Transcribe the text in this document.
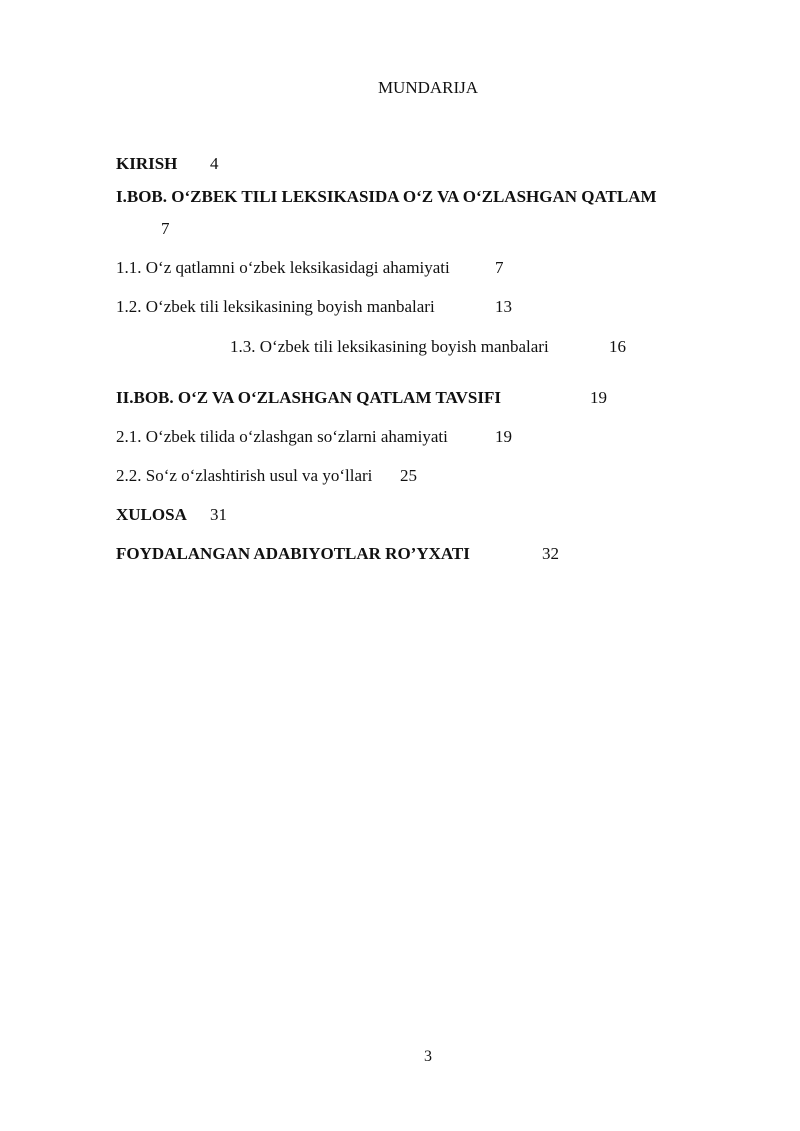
MUNDARIJA
KIRISH 4
I.BOB. O‘ZBEK TILI LEKSIKASIDA O‘Z VA O‘ZLASHGAN QATLAM
7
1.1. O‘z qatlamni o‘zbek leksikasidagi ahamiyati	7
1.2. O‘zbek tili leksikasining boyish manbalari	13
1.3. O‘zbek tili leksikasining boyish manbalari	16
II.BOB. O‘Z VA O‘ZLASHGAN QATLAM TAVSIFI	19
2.1. O‘zbek tilida o‘zlashgan so‘zlarni ahamiyati	19
2.2. So‘z o‘zlashtirish usul va yo‘llari 25
XULOSA 31
FOYDALANGAN ADABIYOTLAR RO’YXATI	32
3
